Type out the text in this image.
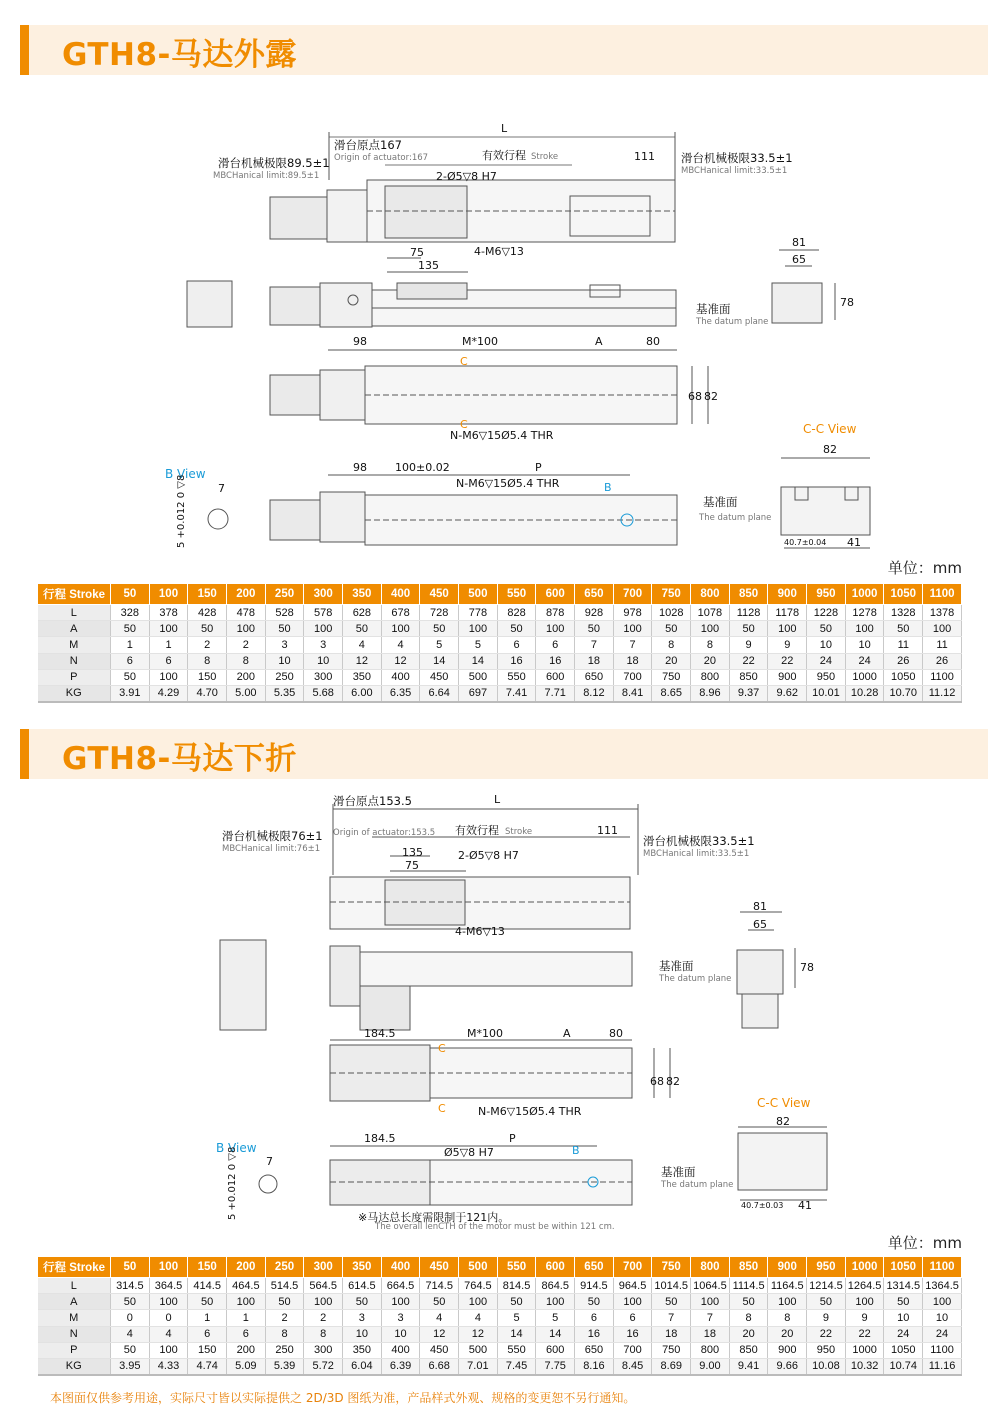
GTH8-马达外露
L
滑台原点167
Origin of actuator:167	有效行程 Stroke	111
滑台机械极限89.5±1
MBCHanical limit:89.5±1
滑台机械极限33.5±1
MBCHanical limit:33.5±1
2-Ø5▽8 H7
75
135
4-M6▽13
81
65
78
基准面
The datum plane
98	M*100	A	80
68 82
C
C
N-M6▽15Ø5.4 THR	C-C View
82
B View
7
5 +0.012 0 ▽8
98	100±0.02	P
N-M6▽15Ø5.4 THR	B
基准面
The datum plane
40.7±0.04 41
单位：mm
行程 Stroke	50	100	150	200	250	300	350	400	450	500	550	600	650	700	750	800	850	900	950	1000	1050	1100
L	328	378	428	478	528	578	628	678	728	778	828	878	928	978	1028	1078	1128	1178	1228	1278	1328	1378
A	50	100	50	100	50	100	50	100	50	100	50	100	50	100	50	100	50	100	50	100	50	100
M	1	1	2	2	3	3	4	4	5	5	6	6	7	7	8	8	9	9	10	10	11	11
N	6	6	8	8	10	10	12	12	14	14	16	16	18	18	20	20	22	22	24	24	26	26
P	50	100	150	200	250	300	350	400	450	500	550	600	650	700	750	800	850	900	950	1000	1050	1100
KG	3.91	4.29	4.70	5.00	5.35	5.68	6.00	6.35	6.64	697	7.41	7.71	8.12	8.41	8.65	8.96	9.37	9.62	10.01	10.28	10.70	11.12
GTH8-马达下折
L
滑台原点153.5
Origin of actuator:153.5 有效行程 Stroke	111
滑台机械极限76±1
MBCHanical limit:76±1
滑台机械极限33.5±1
MBCHanical limit:33.5±1
135
75
2-Ø5▽8 H7
4-M6▽13
81
65
78
基准面
The datum plane
184.5	M*100	A	80
68 82
C
C	N-M6▽15Ø5.4 THR
C-C View
82
B View
7
5 +0.012 0 ▽8
184.5	P
Ø5▽8 H7	B
基准面
The datum plane
40.7±0.03 41
※马达总长度需限制于121内。
The overall lenCTH of the motor must be within 121 cm.
单位：mm
行程 Stroke	50	100	150	200	250	300	350	400	450	500	550	600	650	700	750	800	850	900	950	1000	1050	1100
L	314.5	364.5	414.5	464.5	514.5	564.5	614.5	664.5	714.5	764.5	814.5	864.5	914.5	964.5	1014.5	1064.5	1114.5	1164.5	1214.5	1264.5	1314.5	1364.5
A	50	100	50	100	50	100	50	100	50	100	50	100	50	100	50	100	50	100	50	100	50	100
M	0	0	1	1	2	2	3	3	4	4	5	5	6	6	7	7	8	8	9	9	10	10
N	4	4	6	6	8	8	10	10	12	12	14	14	16	16	18	18	20	20	22	22	24	24
P	50	100	150	200	250	300	350	400	450	500	550	600	650	700	750	800	850	900	950	1000	1050	1100
KG	3.95	4.33	4.74	5.09	5.39	5.72	6.04	6.39	6.68	7.01	7.45	7.75	8.16	8.45	8.69	9.00	9.41	9.66	10.08	10.32	10.74	11.16
本图面仅供参考用途，实际尺寸皆以实际提供之 2D/3D 图纸为准，产品样式外观、规格的变更恕不另行通知。
